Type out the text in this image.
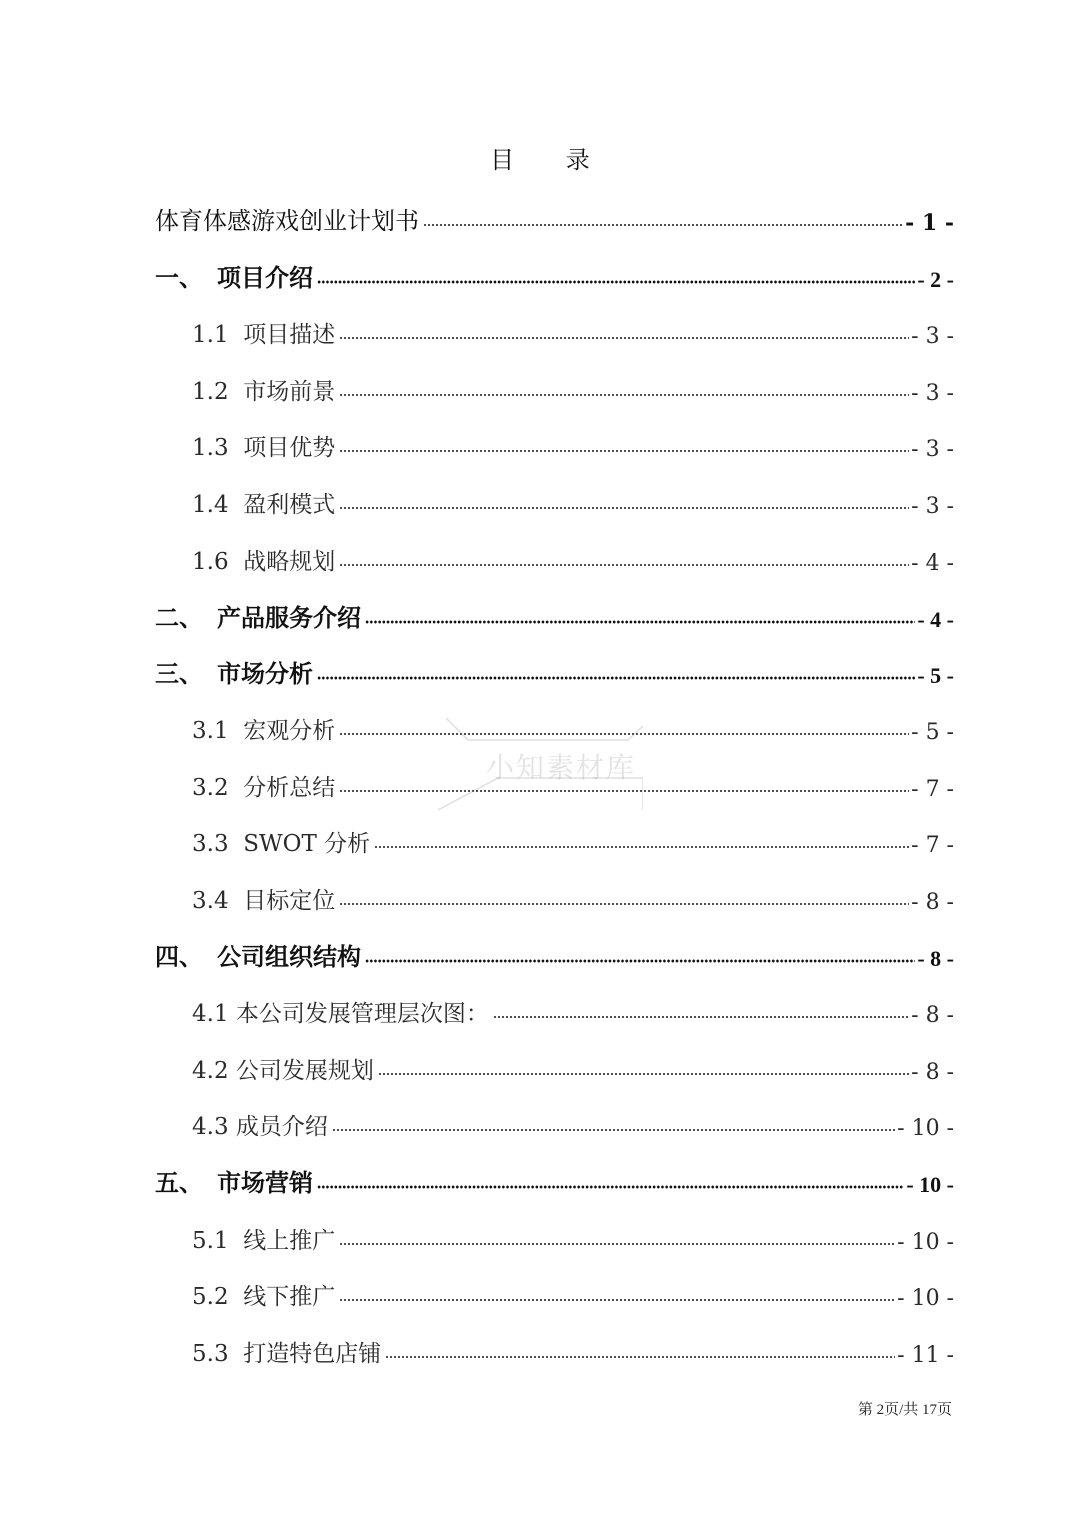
目 录
体育体感游戏创业计划书	- 1 -
一、 项目介绍	- 2 -
1.1  项目描述	- 3 -
1.2  市场前景	- 3 -
1.3  项目优势	- 3 -
1.4  盈利模式	- 3 -
1.6  战略规划	- 4 -
二、 产品服务介绍	- 4 -
三、 市场分析	- 5 -
3.1  宏观分析	- 5 -
3.2  分析总结	- 7 -
3.3  SWOT 分析	- 7 -
3.4  目标定位	- 8 -
四、 公司组织结构	- 8 -
4.1 本公司发展管理层次图：	- 8 -
4.2 公司发展规划	- 8 -
4.3 成员介绍	- 10 -
五、 市场营销	- 10 -
5.1  线上推广	- 10 -
5.2  线下推广	- 10 -
5.3  打造特色店铺	- 11 -
小知素材库
第 2页/共 17页
